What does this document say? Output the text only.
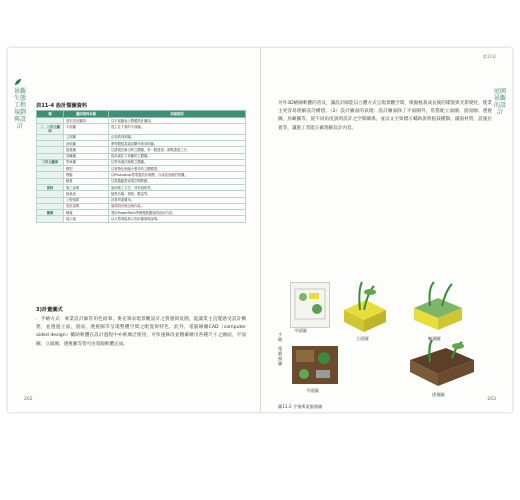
景觀生態工程規劃與設計
表11-4 設計類圖資料
類	圖面資料名稱	詳細說明
	基本設計圖面	以平面圖表示整體設計圖面。
二、三次元圖面	平面圖	從上往下看的平面圖。
	立面圖	正面看到的圖。
	剖面圖	將物體從某處切斷所看到的圖。
	透視圖	以透視法繪出的立體圖，有一點透視、兩點透視之分。
	鳥瞰圖	從高處往下鳥瞰的立體圖。
三次元圖面	等角圖	以等角畫法繪製立體圖。
	模型	以實物比例縮小製作的立體模型。
	模擬	以Photoshop等電腦設計軟體，合成改造後的景觀。
	動畫	以電腦動畫表現空間移動。
資料	施工說明	說明施工方法、材料規格等。
	植栽表	植物名稱、規格、數量等。
	工程預算	計算所需費用。
	設計說明	說明設計理念與內容。
簡報	簡報	利用PowerPoint等簡報軟體說明設計內容。
	展示板	以大型看板展示設計圖面與說明。
3)計畫圖式
．手繪方式：專業設計師常用色鉛筆、麥克筆表現景觀設計之質感與氛圍，能讓業主直覺感受設計構想，並透過立面、剖面、透視圖等呈現整體空間之配置與特色。此外，電腦繪圖CAD（computer aided design）輔助軟體在設計過程中亦被廣泛使用，可快速修改並精確繪出各種尺寸之圖面，平面圖、立面圖、透視圖等皆可由電腦軟體完成。
202
第11章
庭園景觀的設計
另外3D繪圖軟體的普及，讓設計師能以立體方式呈現景觀空間，模擬植栽成長後的樣貌與光影變化，使業主更容易理解設計構想。（2）設計圖面的表現：設計圖面除了平面圖外，常搭配立面圖、剖面圖、透視圖、鳥瞰圖等，從不同角度說明設計之空間關係，並以文字與標示輔助說明植栽種類、鋪面材質、設施位置等，讓施工者能正確理解設計內容。
手繪
平面圖
立面圖	軸測圖
電腦繪圖
平面圖
透視圖
圖11-2 手繪與電腦繪圖
203
